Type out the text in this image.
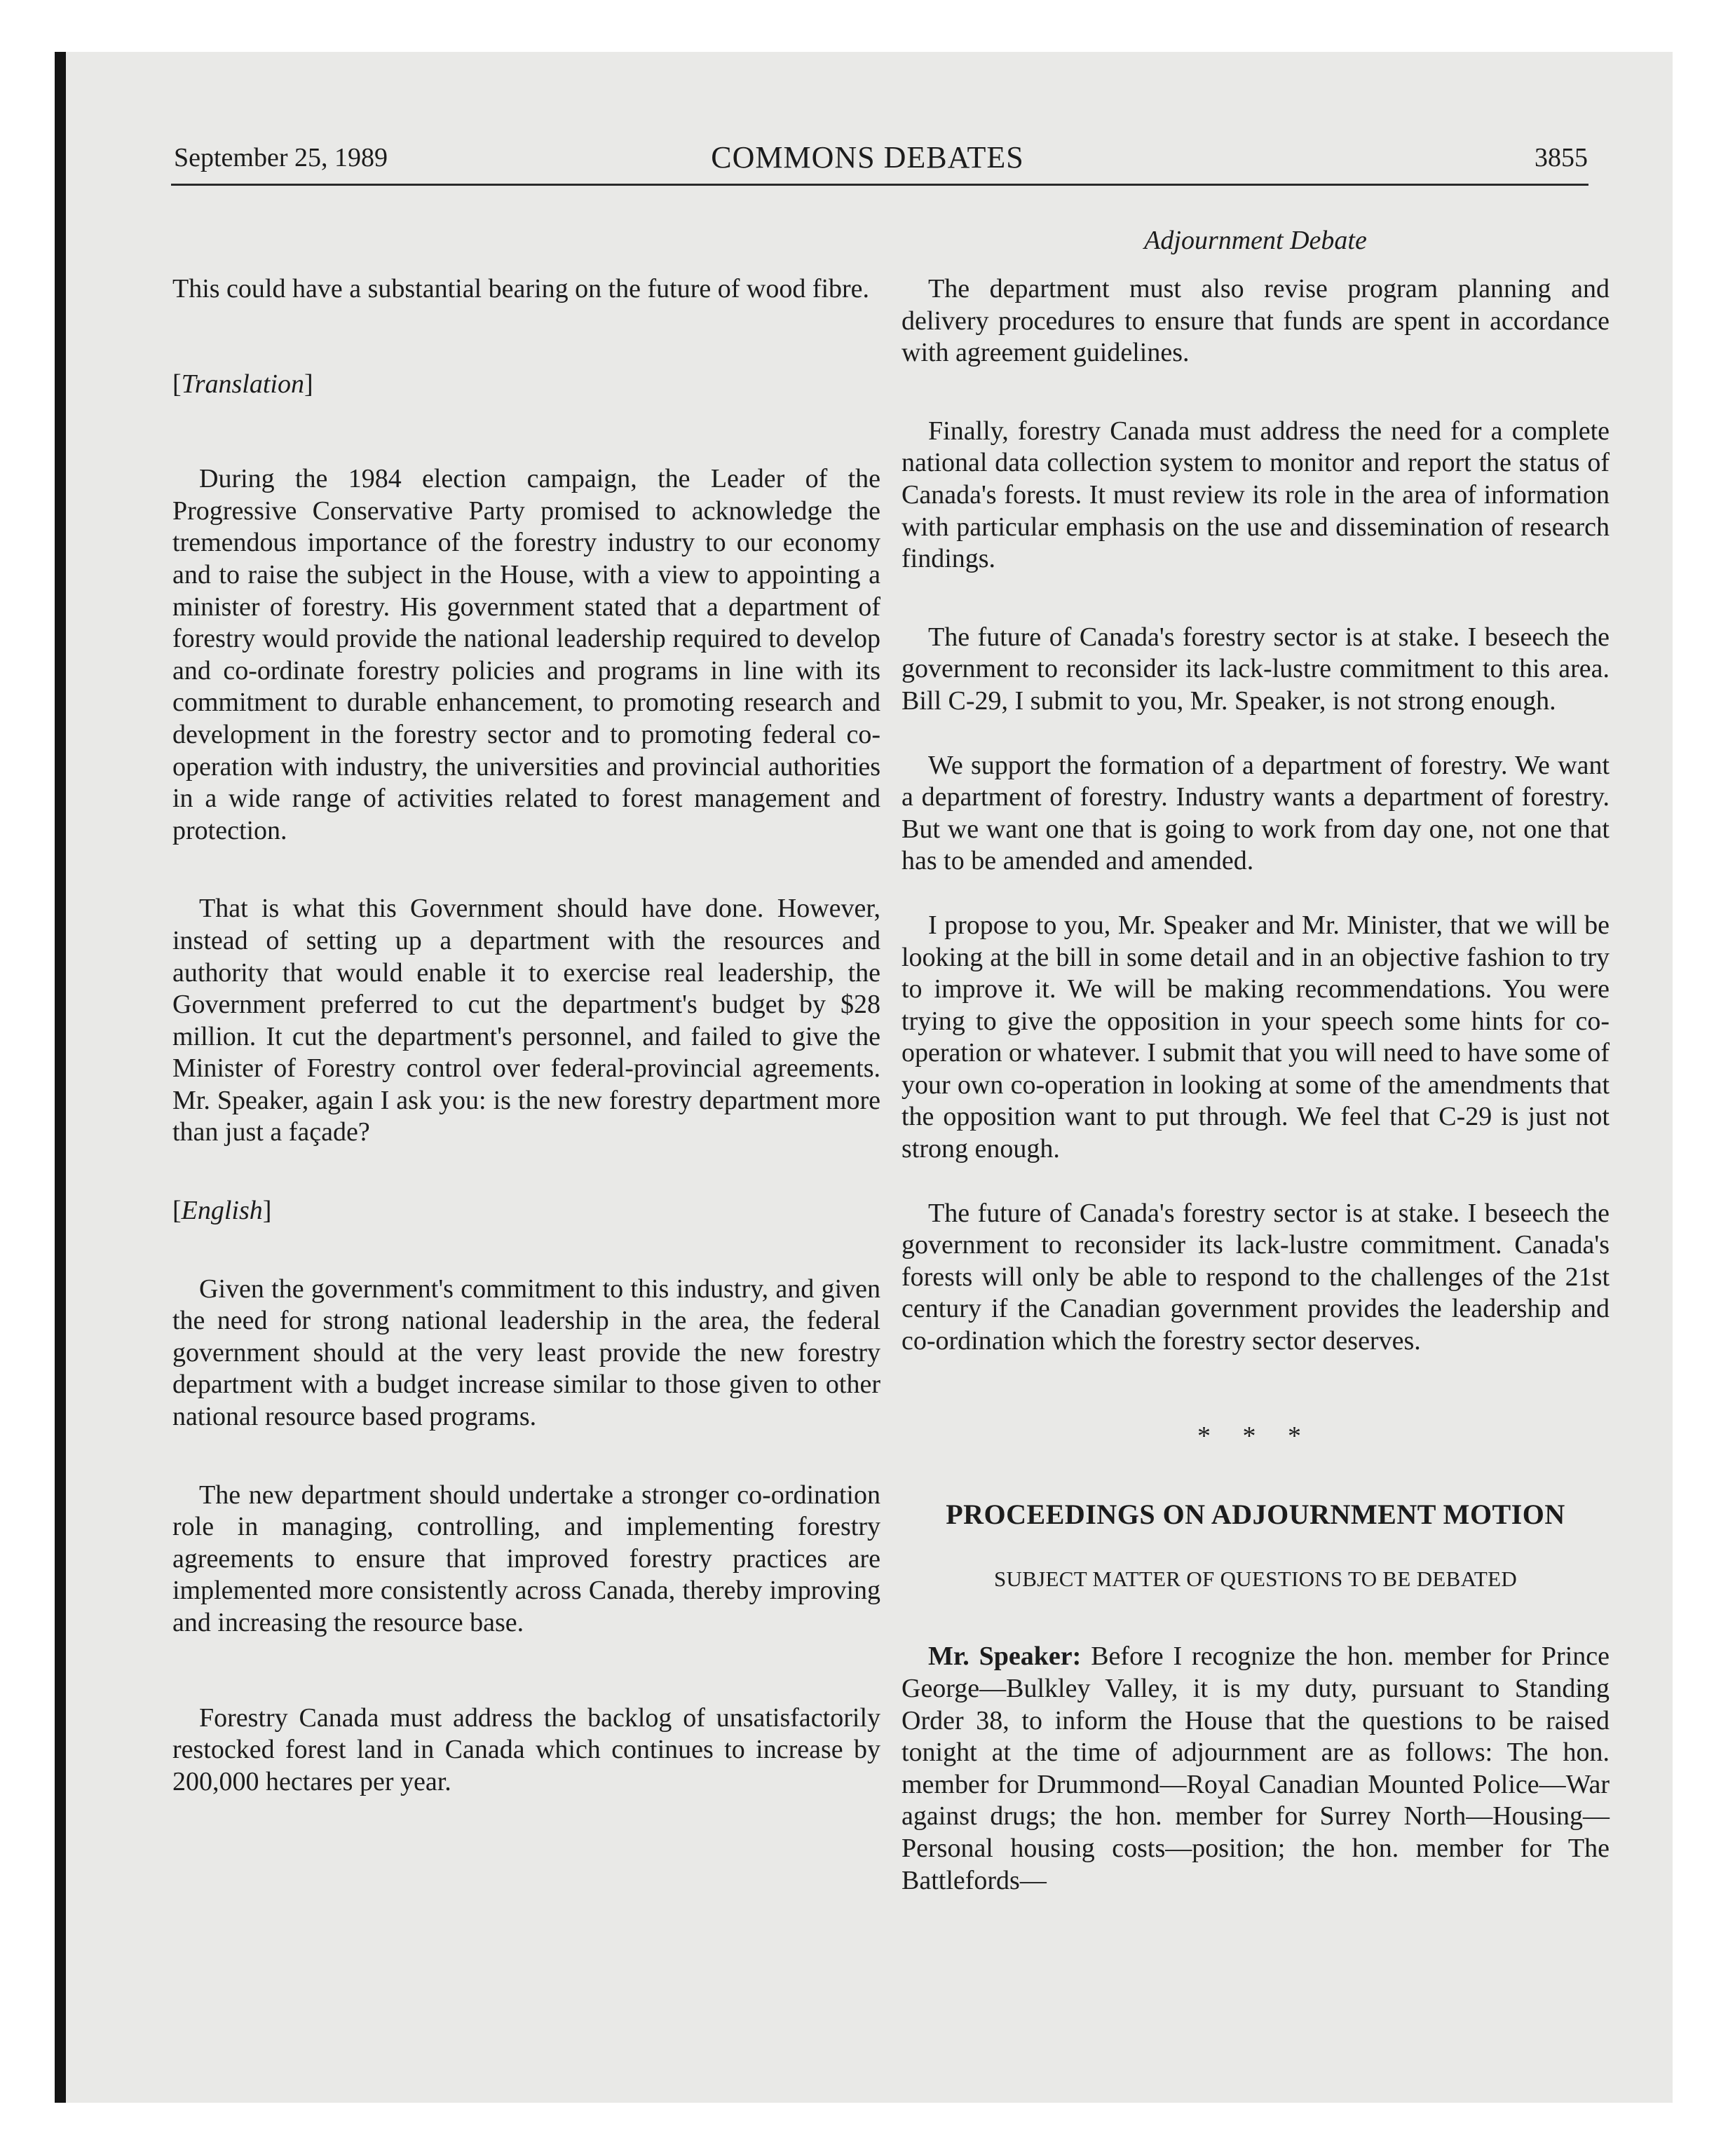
September 25, 1989	COMMONS DEBATES	3855
Adjournment Debate

This could have a substantial bearing on the future of wood fibre.

[Translation]

During the 1984 election campaign, the Leader of the Progressive Conservative Party promised to acknowledge the tremendous importance of the forestry industry to our economy and to raise the subject in the House, with a view to appointing a minister of forestry. His government stated that a department of forestry would provide the national leadership required to develop and co-ordinate forestry policies and programs in line with its commitment to durable enhancement, to promoting research and development in the forestry sector and to promoting federal co-operation with industry, the universities and provincial authorities in a wide range of activities related to forest management and protection.

That is what this Government should have done. However, instead of setting up a department with the resources and authority that would enable it to exercise real leadership, the Government preferred to cut the department's budget by $28 million. It cut the department's personnel, and failed to give the Minister of Forestry control over federal-provincial agreements. Mr. Speaker, again I ask you: is the new forestry department more than just a façade?

[English]

Given the government's commitment to this industry, and given the need for strong national leadership in the area, the federal government should at the very least provide the new forestry department with a budget increase similar to those given to other national resource based programs.

The new department should undertake a stronger co-ordination role in managing, controlling, and implementing forestry agreements to ensure that improved forestry practices are implemented more consistently across Canada, thereby improving and increasing the resource base.

Forestry Canada must address the backlog of unsatisfactorily restocked forest land in Canada which continues to increase by 200,000 hectares per year.

The department must also revise program planning and delivery procedures to ensure that funds are spent in accordance with agreement guidelines.

Finally, forestry Canada must address the need for a complete national data collection system to monitor and report the status of Canada's forests. It must review its role in the area of information with particular emphasis on the use and dissemination of research findings.

The future of Canada's forestry sector is at stake. I beseech the government to reconsider its lack-lustre commitment to this area. Bill C-29, I submit to you, Mr. Speaker, is not strong enough.

We support the formation of a department of forestry. We want a department of forestry. Industry wants a department of forestry. But we want one that is going to work from day one, not one that has to be amended and amended.

I propose to you, Mr. Speaker and Mr. Minister, that we will be looking at the bill in some detail and in an objective fashion to try to improve it. We will be making recommendations. You were trying to give the opposition in your speech some hints for co-operation or whatever. I submit that you will need to have some of your own co-operation in looking at some of the amendments that the opposition want to put through. We feel that C-29 is just not strong enough.

The future of Canada's forestry sector is at stake. I beseech the government to reconsider its lack-lustre commitment. Canada's forests will only be able to respond to the challenges of the 21st century if the Canadian government provides the leadership and co-ordination which the forestry sector deserves.

* * *

PROCEEDINGS ON ADJOURNMENT MOTION

SUBJECT MATTER OF QUESTIONS TO BE DEBATED

Mr. Speaker: Before I recognize the hon. member for Prince George—Bulkley Valley, it is my duty, pursuant to Standing Order 38, to inform the House that the questions to be raised tonight at the time of adjournment are as follows: The hon. member for Drummond—Royal Canadian Mounted Police—War against drugs; the hon. member for Surrey North—Housing—Personal housing costs—position; the hon. member for The Battlefords—
